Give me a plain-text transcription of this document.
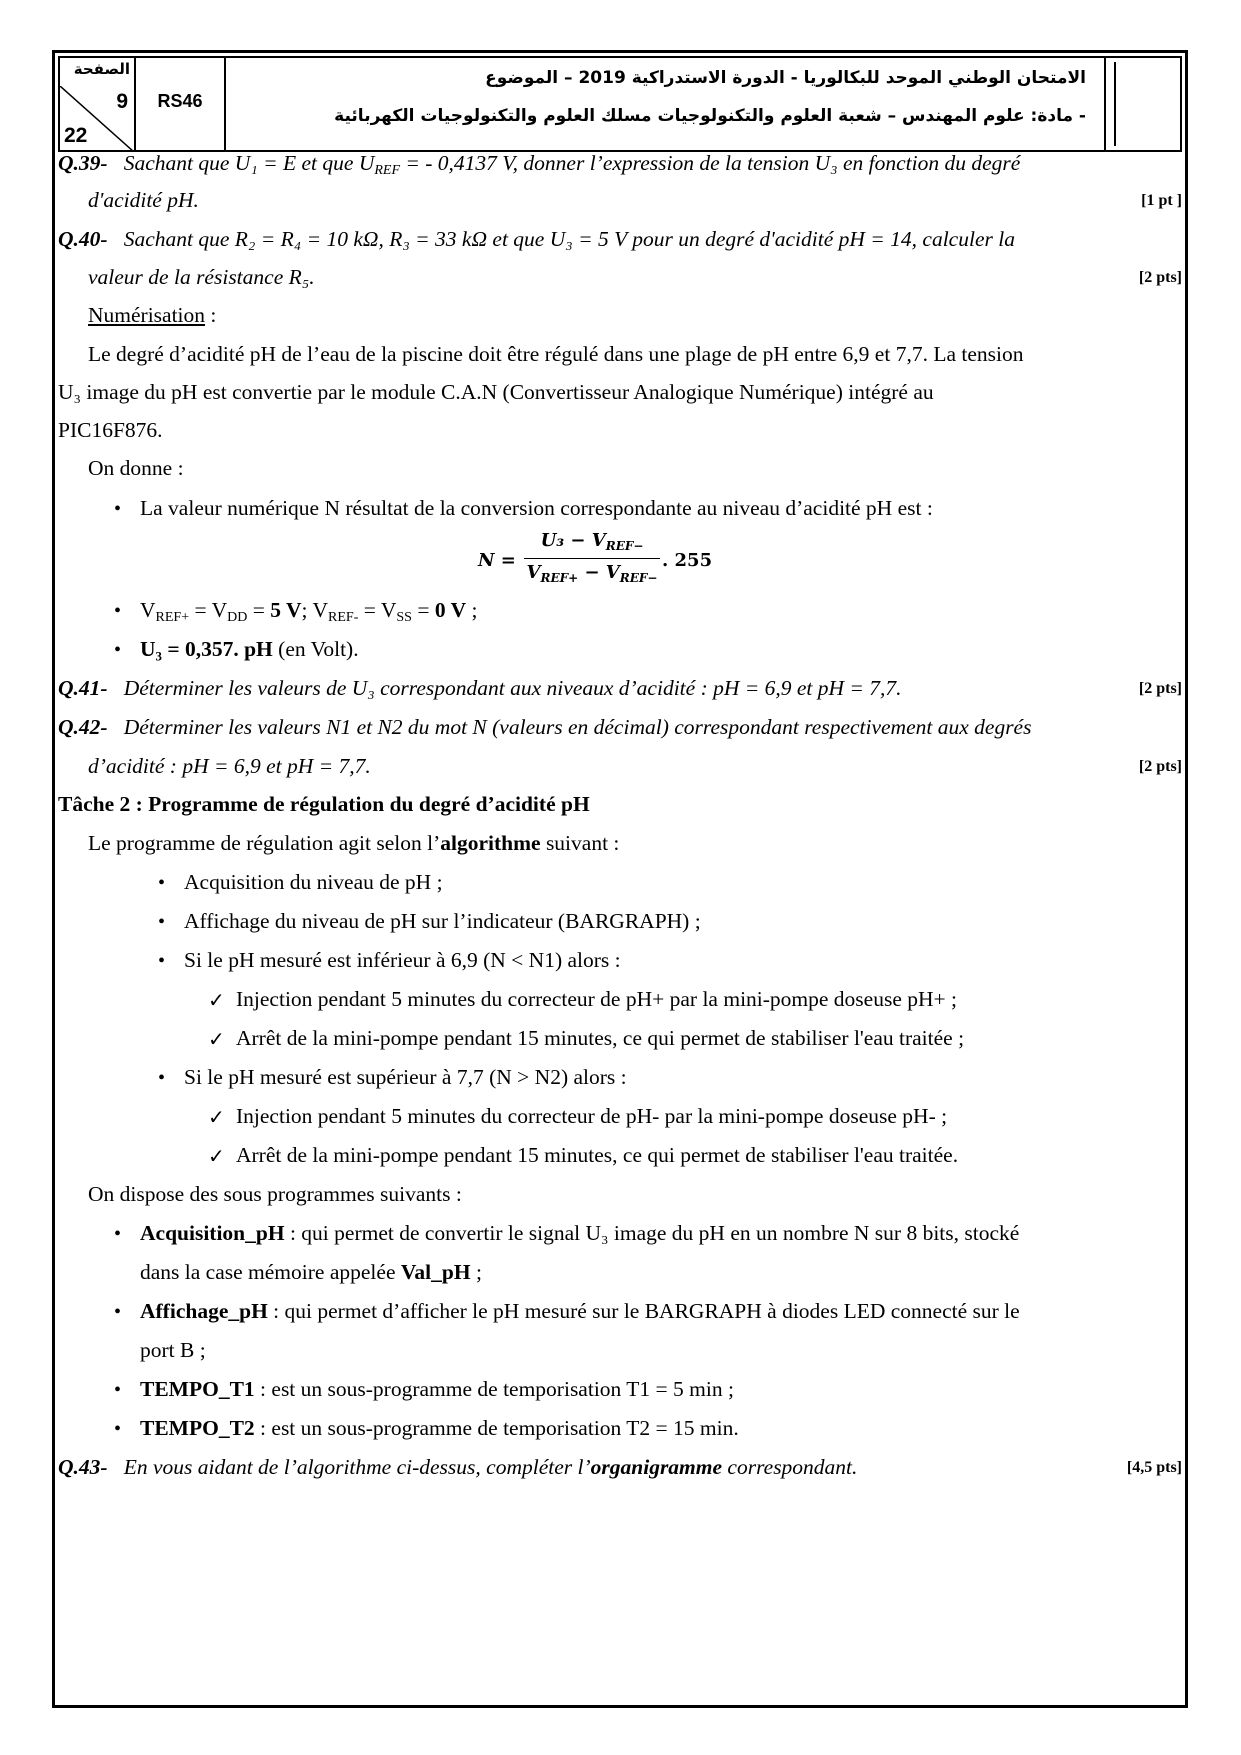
الصفحة
9
22
RS46
الامتحان الوطني الموحد للبكالوريا - الدورة الاستدراكية 2019 – الموضوع
- مادة: علوم المهندس – شعبة العلوم والتكنولوجيات مسلك العلوم والتكنولوجيات الكهربائية
Q.39- Sachant que U₁ = E et que $U_{REF}$ = - 0,4137 V, donner l’expression de la tension U₃ en fonction du degré
d'acidité pH.	[1 pt ]
Q.40- Sachant que R₂ = R₄ = 10 kΩ, R₃ = 33 kΩ et que U₃ = 5 V pour un degré d'acidité pH = 14, calculer la
valeur de la résistance R₅.	[2 pts]
Numérisation :
Le degré d’acidité pH de l’eau de la piscine doit être régulé dans une plage de pH entre 6,9 et 7,7. La tension
U₃ image du pH est convertie par le module C.A.N (Convertisseur Analogique Numérique) intégré au
PIC16F876.
On donne :
• La valeur numérique N résultat de la conversion correspondante au niveau d’acidité pH est :
N =
$U_3 - V_{REF-}$
$V_{REF+} - V_{REF-}$
. 255
• $V_{REF+} = V_{DD} = 5$ V; $V_{REF-} = V_{SS} = 0$ V ;
• U₃ = 0,357. pH (en Volt).
Q.41- Déterminer les valeurs de U₃ correspondant aux niveaux d’acidité : pH = 6,9 et pH = 7,7.	[2 pts]
Q.42- Déterminer les valeurs N1 et N2 du mot N (valeurs en décimal) correspondant respectivement aux degrés
d’acidité : pH = 6,9 et pH = 7,7.	[2 pts]
Tâche 2 : Programme de régulation du degré d’acidité pH
Le programme de régulation agit selon l’algorithme suivant :
• Acquisition du niveau de pH ;
• Affichage du niveau de pH sur l’indicateur (BARGRAPH) ;
• Si le pH mesuré est inférieur à 6,9 (N < N1) alors :
✓ Injection pendant 5 minutes du correcteur de pH+ par la mini-pompe doseuse pH+ ;
✓ Arrêt de la mini-pompe pendant 15 minutes, ce qui permet de stabiliser l'eau traitée ;
• Si le pH mesuré est supérieur à 7,7 (N > N2) alors :
✓ Injection pendant 5 minutes du correcteur de pH- par la mini-pompe doseuse pH- ;
✓ Arrêt de la mini-pompe pendant 15 minutes, ce qui permet de stabiliser l'eau traitée.
On dispose des sous programmes suivants :
• Acquisition_pH : qui permet de convertir le signal U₃ image du pH en un nombre N sur 8 bits, stocké
dans la case mémoire appelée Val_pH ;
• Affichage_pH : qui permet d’afficher le pH mesuré sur le BARGRAPH à diodes LED connecté sur le
port B ;
• TEMPO_T1 : est un sous-programme de temporisation T1 = 5 min ;
• TEMPO_T2 : est un sous-programme de temporisation T2 = 15 min.
Q.43- En vous aidant de l’algorithme ci-dessus, compléter l’organigramme correspondant.	[4,5 pts]
